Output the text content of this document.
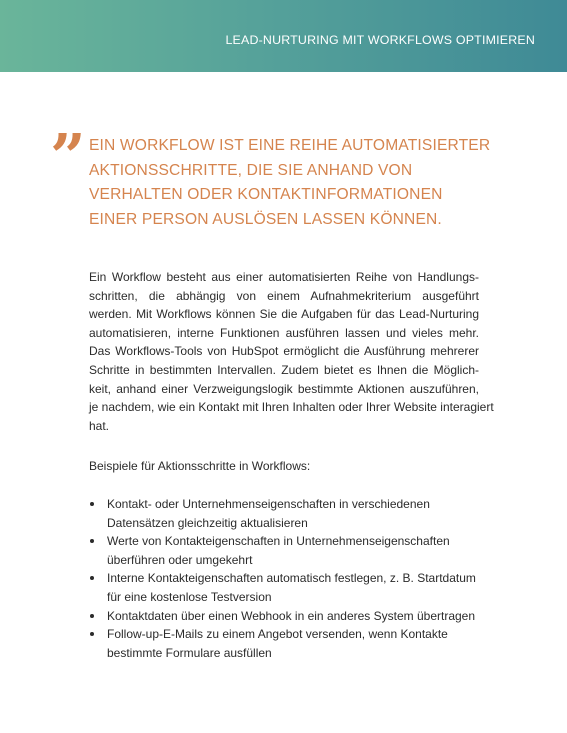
LEAD-NURTURING MIT WORKFLOWS OPTIMIEREN
” EIN WORKFLOW IST EINE REIHE AUTOMATISIERTER
AKTIONSSCHRITTE, DIE SIE ANHAND VON
VERHALTEN ODER KONTAKTINFORMATIONEN
EINER PERSON AUSLÖSEN LASSEN KÖNNEN.

Ein Workflow besteht aus einer automatisierten Reihe von Handlungs-
schritten, die abhängig von einem Aufnahmekriterium ausgeführt
werden. Mit Workflows können Sie die Aufgaben für das Lead-Nurturing
automatisieren, interne Funktionen ausführen lassen und vieles mehr.
Das Workflows-Tools von HubSpot ermöglicht die Ausführung mehrerer
Schritte in bestimmten Intervallen. Zudem bietet es Ihnen die Möglich-
keit, anhand einer Verzweigungslogik bestimmte Aktionen auszuführen,
je nachdem, wie ein Kontakt mit Ihren Inhalten oder Ihrer Website interagiert
hat.

Beispiele für Aktionsschritte in Workflows:

Kontakt- oder Unternehmenseigenschaften in verschiedenen
Datensätzen gleichzeitig aktualisieren
Werte von Kontakteigenschaften in Unternehmenseigenschaften
überführen oder umgekehrt
Interne Kontakteigenschaften automatisch festlegen, z. B. Startdatum
für eine kostenlose Testversion
Kontaktdaten über einen Webhook in ein anderes System übertragen
Follow-up-E-Mails zu einem Angebot versenden, wenn Kontakte
bestimmte Formulare ausfüllen
